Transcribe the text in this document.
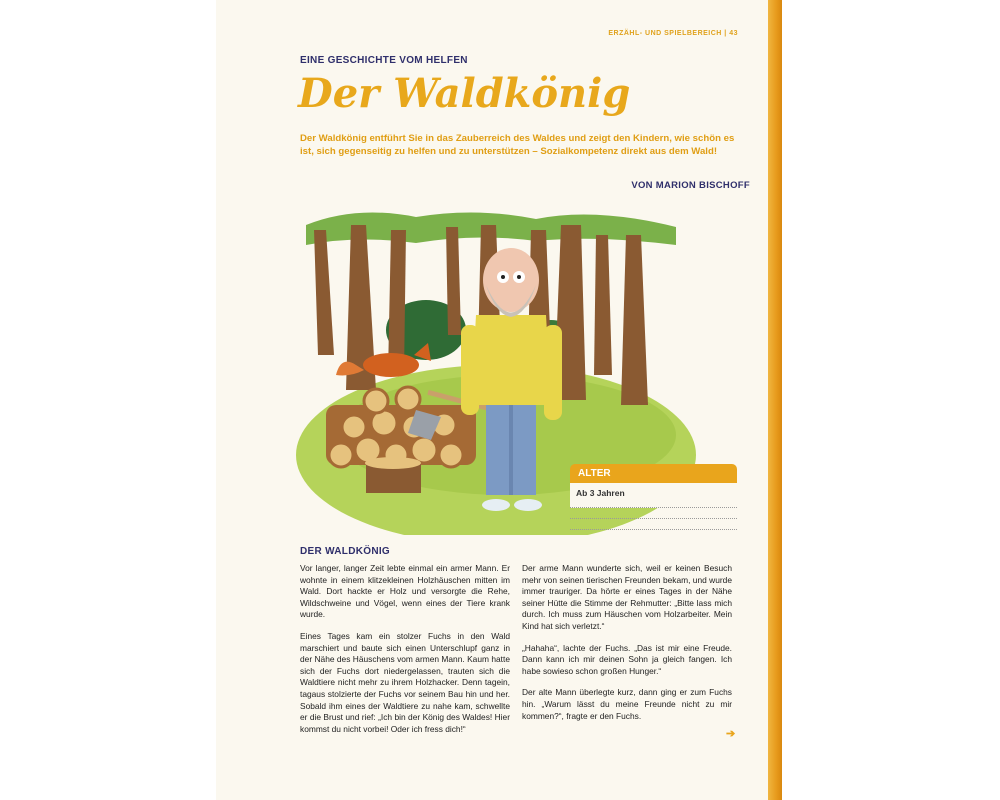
ERZÄHL- UND SPIELBEREICH | 43
EINE GESCHICHTE VOM HELFEN
Der Waldkönig
Der Waldkönig entführt Sie in das Zauberreich des Waldes und zeigt den Kindern, wie schön es ist, sich gegenseitig zu helfen und zu unterstützen – Sozialkompetenz direkt aus dem Wald!
VON MARION BISCHOFF
ALTER
Ab 3 Jahren
DER WALDKÖNIG

Vor langer, langer Zeit lebte einmal ein armer Mann. Er wohnte in einem klitzekleinen Holzhäuschen mitten im Wald. Dort hackte er Holz und versorgte die Rehe, Wildschweine und Vögel, wenn eines der Tiere krank wurde.

Eines Tages kam ein stolzer Fuchs in den Wald marschiert und baute sich einen Unterschlupf ganz in der Nähe des Häuschens vom armen Mann. Kaum hatte sich der Fuchs dort niedergelassen, trauten sich die Waldtiere nicht mehr zu ihrem Holzhacker. Denn tagein, tagaus stolzierte der Fuchs vor seinem Bau hin und her. Sobald ihm eines der Waldtiere zu nahe kam, schwellte er die Brust und rief: „Ich bin der König des Waldes! Hier kommst du nicht vorbei! Oder ich fress dich!“

Der arme Mann wunderte sich, weil er keinen Besuch mehr von seinen tierischen Freunden bekam, und wurde immer trauriger. Da hörte er eines Tages in der Nähe seiner Hütte die Stimme der Rehmutter: „Bitte lass mich durch. Ich muss zum Häuschen vom Holzarbeiter. Mein Kind hat sich verletzt.“

„Hahaha“, lachte der Fuchs. „Das ist mir eine Freude. Dann kann ich mir deinen Sohn ja gleich fangen. Ich habe sowieso schon großen Hunger.“

Der alte Mann überlegte kurz, dann ging er zum Fuchs hin. „Warum lässt du meine Freunde nicht zu mir kommen?“, fragte er den Fuchs.

➔
